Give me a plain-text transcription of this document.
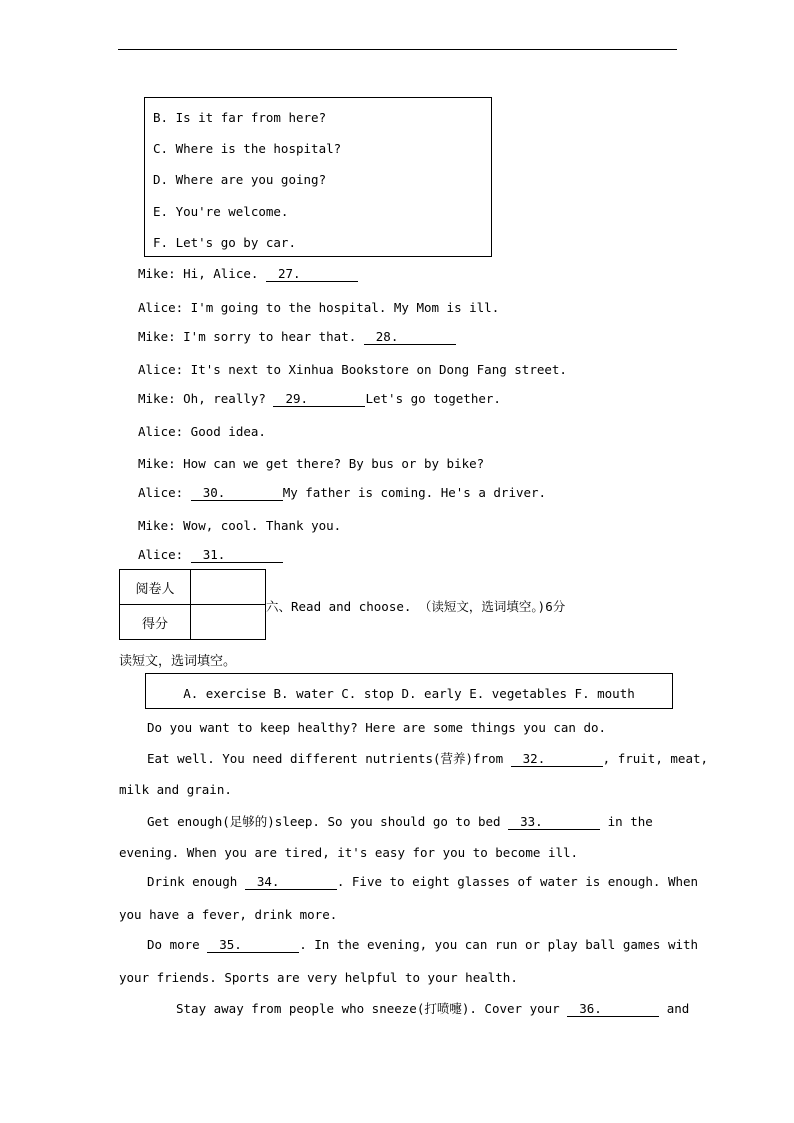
B. Is it far from here?
C. Where is the hospital?
D. Where are you going?
E. You're welcome.
F. Let's go by car.
Mike: Hi, Alice. 27.
Alice: I'm going to the hospital. My Mom is ill.
Mike: I'm sorry to hear that. 28.
Alice: It's next to Xinhua Bookstore on Dong Fang street.
Mike: Oh, really? 29.	Let's go together.
Alice: Good idea.
Mike: How can we get there? By bus or by bike?
Alice: 30.	My father is coming. He's a driver.
Mike: Wow, cool. Thank you.
Alice: 31.
阅卷人	
得分	
六、Read and choose. （读短文，选词填空。)6分
读短文，选词填空。
A. exercise B. water C. stop D. early E. vegetables F. mouth
Do you want to keep healthy? Here are some things you can do.
Eat well. You need different nutrients(营养)from 32.	, fruit, meat,
milk and grain.
Get enough(足够的)sleep. So you should go to bed 33.	in the
evening. When you are tired, it's easy for you to become ill.
Drink enough 34.	. Five to eight glasses of water is enough. When
you have a fever, drink more.
Do more 35.	. In the evening, you can run or play ball games with
your friends. Sports are very helpful to your health.
Stay away from people who sneeze(打喷嚏). Cover your 36.	and
